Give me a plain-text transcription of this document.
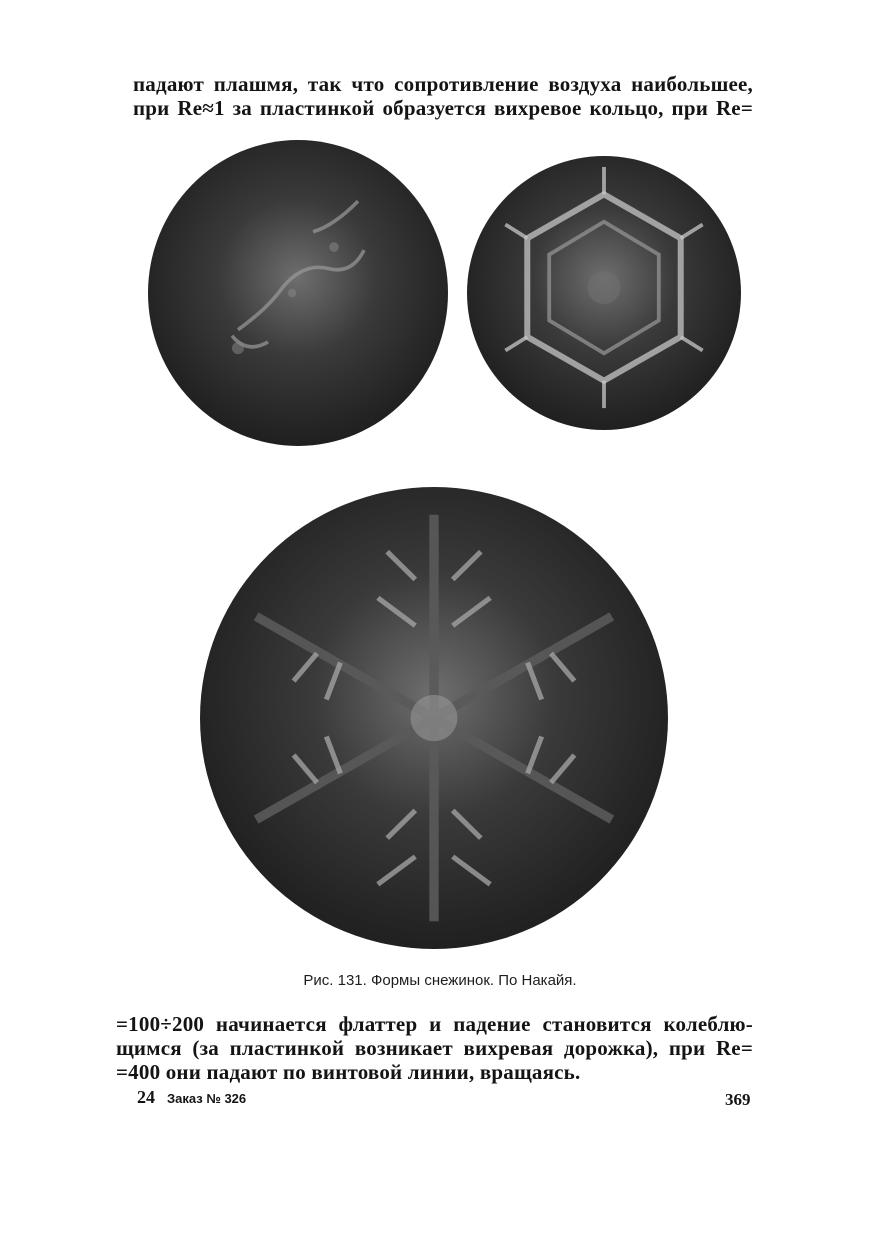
падают плашмя, так что сопротивление воздуха наибольшее,
при Re≈1 за пластинкой образуется вихревое кольцо, при Re=
Рис. 131. Формы снежинок. По Накайя.
=100÷200 начинается флаттер и падение становится колеблю-
щимся (за пластинкой возникает вихревая дорожка), при Re=
=400 они падают по винтовой линии, вращаясь.
24 Заказ № 326	369
